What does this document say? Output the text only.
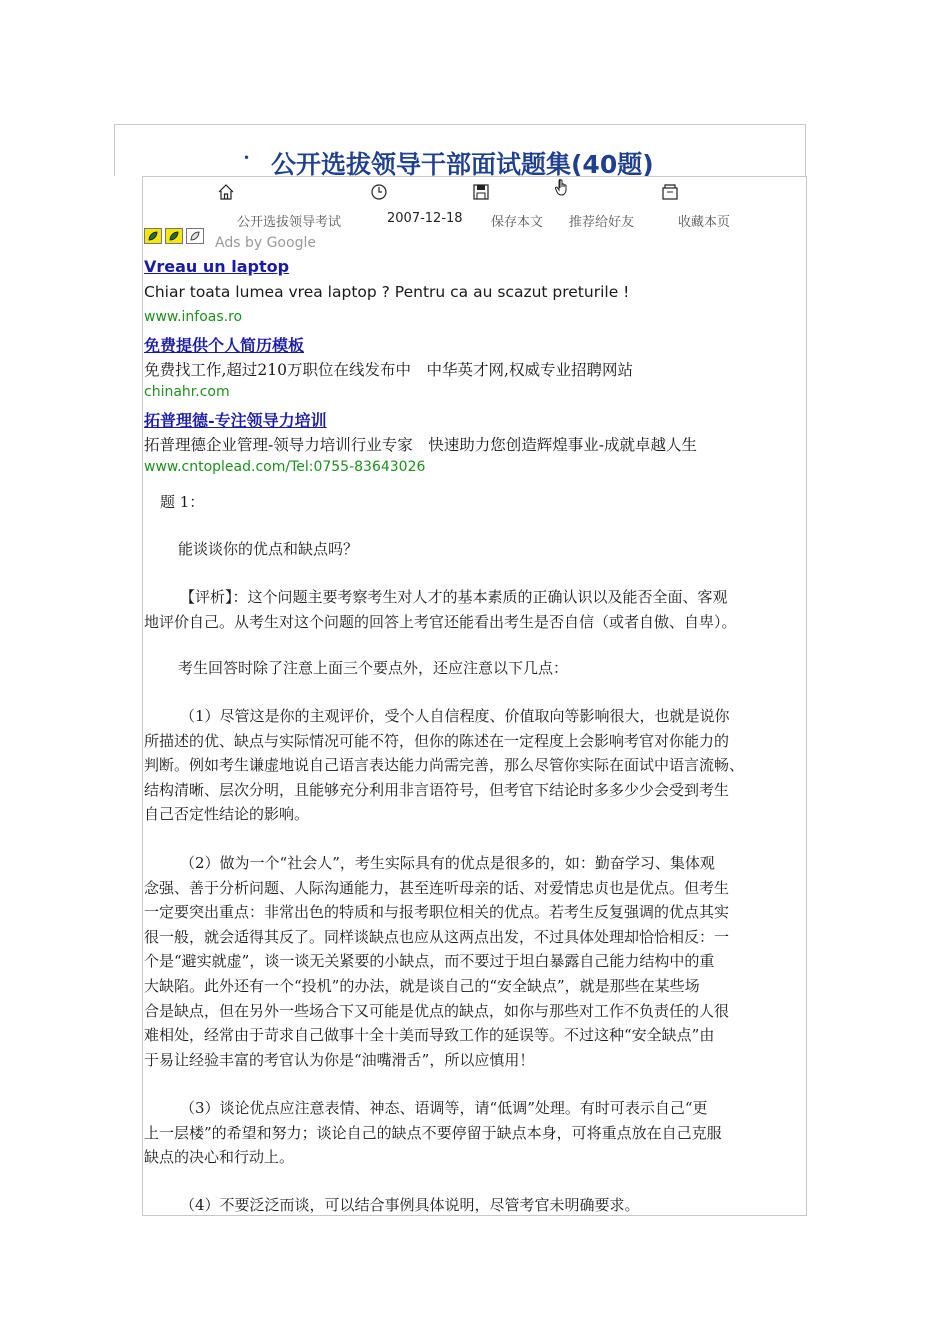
• 公开选拔领导干部面试题集(40题)
公开选拔领导考试	2007-12-18 保存本文 推荐给好友	收藏本页
Ads by Google
Vreau un laptop
Chiar toata lumea vrea laptop ? Pentru ca au scazut preturile !
www.infoas.ro
免费提供个人简历模板
免费找工作,超过210万职位在线发布中　中华英才网,权威专业招聘网站
chinahr.com
拓普理德-专注领导力培训
拓普理德企业管理-领导力培训行业专家　快速助力您创造辉煌事业-成就卓越人生
www.cntoplead.com/Tel:0755-83643026

题 1：

能谈谈你的优点和缺点吗？

【评析】：这个问题主要考察考生对人才的基本素质的正确认识以及能否全面、客观

地评价自己。从考生对这个问题的回答上考官还能看出考生是否自信（或者自傲、自卑）。

考生回答时除了注意上面三个要点外，还应注意以下几点：

（1）尽管这是你的主观评价，受个人自信程度、价值取向等影响很大，也就是说你

所描述的优、缺点与实际情况可能不符，但你的陈述在一定程度上会影响考官对你能力的

判断。例如考生谦虚地说自己语言表达能力尚需完善，那么尽管你实际在面试中语言流畅、

结构清晰、层次分明，且能够充分利用非言语符号，但考官下结论时多多少少会受到考生

自己否定性结论的影响。

（2）做为一个“社会人”，考生实际具有的优点是很多的，如：勤奋学习、集体观

念强、善于分析问题、人际沟通能力，甚至连听母亲的话、对爱情忠贞也是优点。但考生

一定要突出重点：非常出色的特质和与报考职位相关的优点。若考生反复强调的优点其实

很一般，就会适得其反了。同样谈缺点也应从这两点出发，不过具体处理却恰恰相反：一

个是“避实就虚”，谈一谈无关紧要的小缺点，而不要过于坦白暴露自己能力结构中的重

大缺陷。此外还有一个“投机”的办法，就是谈自己的“安全缺点”，就是那些在某些场

合是缺点，但在另外一些场合下又可能是优点的缺点，如你与那些对工作不负责任的人很

难相处，经常由于苛求自己做事十全十美而导致工作的延误等。不过这种“安全缺点”由

于易让经验丰富的考官认为你是“油嘴滑舌”，所以应慎用！

（3）谈论优点应注意表情、神态、语调等，请“低调”处理。有时可表示自己“更

上一层楼”的希望和努力；谈论自己的缺点不要停留于缺点本身，可将重点放在自己克服

缺点的决心和行动上。

（4）不要泛泛而谈，可以结合事例具体说明，尽管考官未明确要求。
